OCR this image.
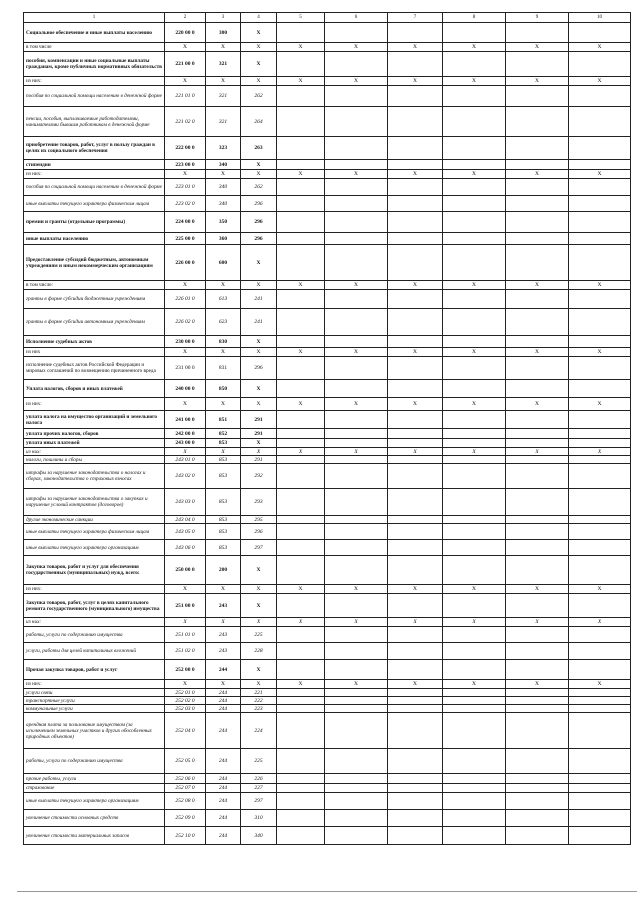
1	2	3	4	5	6	7	8	9	10
Социальное обеспечение и иные выплаты населению	220 00 0	300	X						
в том числе	X	X	X	X	X	X	X	X	X
пособия, компенсации и иные социальные выплаты гражданам, кроме публичных нормативных обязательств	221 00 0	321	X						
из них:	X	X	X	X	X	X	X	X	X
пособия по социальной помощи населению в денежной форме	221 01 0	321	262						
пенсии, пособия, выплачиваемые работодателями, нанимателями бывшим работникам в денежной форме	221 02 0	321	264						
приобретение товаров, работ, услуг в пользу граждан в целях их социального обеспечения	222 00 0	323	263						
стипендии	223 00 0	340	X						
из них:	X	X	X	X	X	X	X	X	X
пособия по социальной помощи населению в денежной форме	223 01 0	340	262						
иные выплаты текущего характера физическим лицам	223 02 0	340	296						
премии и гранты (отдельные программы)	224 00 0	350	296						
иные выплаты населению	225 00 0	360	296						
Предоставление субсидий бюджетным, автономным учреждениям и иным некоммерческим организациям	226 00 0	600	X						
в том числе:	X	X	X	X	X	X	X	X	X
гранты в форме субсидии бюджетным учреждениям	226 01 0	613	241						
гранты в форме субсидии автономным учреждениям	226 02 0	623	241						
Исполнение судебных актов	230 00 0	830	X						
из них	X	X	X	X	X	X	X	X	X
исполнение судебных актов Российской Федерации и мировых соглашений по возмещению причиненного вреда	231 00 0	831	296						
Уплата налогов, сборов и иных платежей	240 00 0	850	X						
из них:	X	X	X	X	X	X	X	X	X
уплата налога на имущество организаций и земельного налога	241 00 0	851	291						
уплата прочих налогов, сборов	242 00 0	852	291						
уплата иных платежей	243 00 0	853	X						
из них:	X	X	X	X	X	X	X	X	X
налоги, пошлины и сборы	243 01 0	853	291						
штрафы за нарушение законодательства о налогах и сборах, законодательства о страховых взносах	243 02 0	853	292						
штрафы за нарушение законодательства о закупках и нарушение условий контрактов (договоров)	243 03 0	853	293						
другие экономические санкции	243 04 0	853	295						
иные выплаты текущего характера физическим лицам	243 05 0	853	296						
иные выплаты текущего характера организациям	243 06 0	853	297						
Закупка товаров, работ и услуг для обеспечения государственных (муниципальных) нужд, всего:	250 00 0	200	X						
из них:	X	X	X	X	X	X	X	X	X
Закупка товаров, работ, услуг в целях капитального ремонта государственного (муниципального) имущества	251 00 0	243	X						
из них:	X	X	X	X	X	X	X	X	X
работы, услуги по содержанию имущества	251 01 0	243	225						
услуги, работы для целей капитальных вложений	251 02 0	243	228						
Прочая закупка товаров, работ и услуг	252 00 0	244	X						
из них:	X	X	X	X	X	X	X	X	X
услуги связи	252 01 0	244	221						
транспортные услуги	252 02 0	244	222						
коммунальные услуги	252 03 0	244	223						
арендная плата за пользование имуществом (за исключением земельных участков и других обособленных природных объектов)	252 04 0	244	224						
работы, услуги по содержанию имущества	252 05 0	244	225						
прочие работы, услуги	252 06 0	244	226						
страхование	252 07 0	244	227						
иные выплаты текущего характера организациям	252 08 0	244	297						
увеличение стоимости основных средств	252 09 0	244	310						
увеличение стоимости материальных запасов	252 10 0	244	340						
